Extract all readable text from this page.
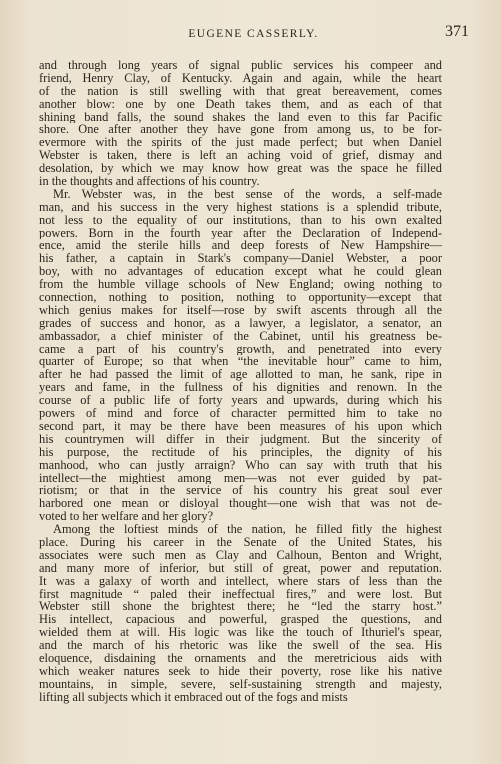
EUGENE CASSERLY.	371
and through long years of signal public services his compeer and
friend, Henry Clay, of Kentucky. Again and again, while the heart
of the nation is still swelling with that great bereavement, comes
another blow: one by one Death takes them, and as each of that
shining band falls, the sound shakes the land even to this far Pacific
shore. One after another they have gone from among us, to be for-
evermore with the spirits of the just made perfect; but when Daniel
Webster is taken, there is left an aching void of grief, dismay and
desolation, by which we may know how great was the space he filled
in the thoughts and affections of his country.
Mr. Webster was, in the best sense of the words, a self-made
man, and his success in the very highest stations is a splendid tribute,
not less to the equality of our institutions, than to his own exalted
powers. Born in the fourth year after the Declaration of Independ-
ence, amid the sterile hills and deep forests of New Hampshire—
his father, a captain in Stark's company—Daniel Webster, a poor
boy, with no advantages of education except what he could glean
from the humble village schools of New England; owing nothing to
connection, nothing to position, nothing to opportunity—except that
which genius makes for itself—rose by swift ascents through all the
grades of success and honor, as a lawyer, a legislator, a senator, an
ambassador, a chief minister of the Cabinet, until his greatness be-
came a part of his country's growth, and penetrated into every
quarter of Europe; so that when “the inevitable hour” came to him,
after he had passed the limit of age allotted to man, he sank, ripe in
years and fame, in the fullness of his dignities and renown. In the
course of a public life of forty years and upwards, during which his
powers of mind and force of character permitted him to take no
second part, it may be there have been measures of his upon which
his countrymen will differ in their judgment. But the sincerity of
his purpose, the rectitude of his principles, the dignity of his
manhood, who can justly arraign? Who can say with truth that his
intellect—the mightiest among men—was not ever guided by pat-
riotism; or that in the service of his country his great soul ever
harbored one mean or disloyal thought—one wish that was not de-
voted to her welfare and her glory?
Among the loftiest minds of the nation, he filled fitly the highest
place. During his career in the Senate of the United States, his
associates were such men as Clay and Calhoun, Benton and Wright,
and many more of inferior, but still of great, power and reputation.
It was a galaxy of worth and intellect, where stars of less than the
first magnitude “ paled their ineffectual fires,” and were lost. But
Webster still shone the brightest there; he “led the starry host.”
His intellect, capacious and powerful, grasped the questions, and
wielded them at will. His logic was like the touch of Ithuriel's spear,
and the march of his rhetoric was like the swell of the sea. His
eloquence, disdaining the ornaments and the meretricious aids with
which weaker natures seek to hide their poverty, rose like his native
mountains, in simple, severe, self-sustaining strength and majesty,
lifting all subjects which it embraced out of the fogs and mists
